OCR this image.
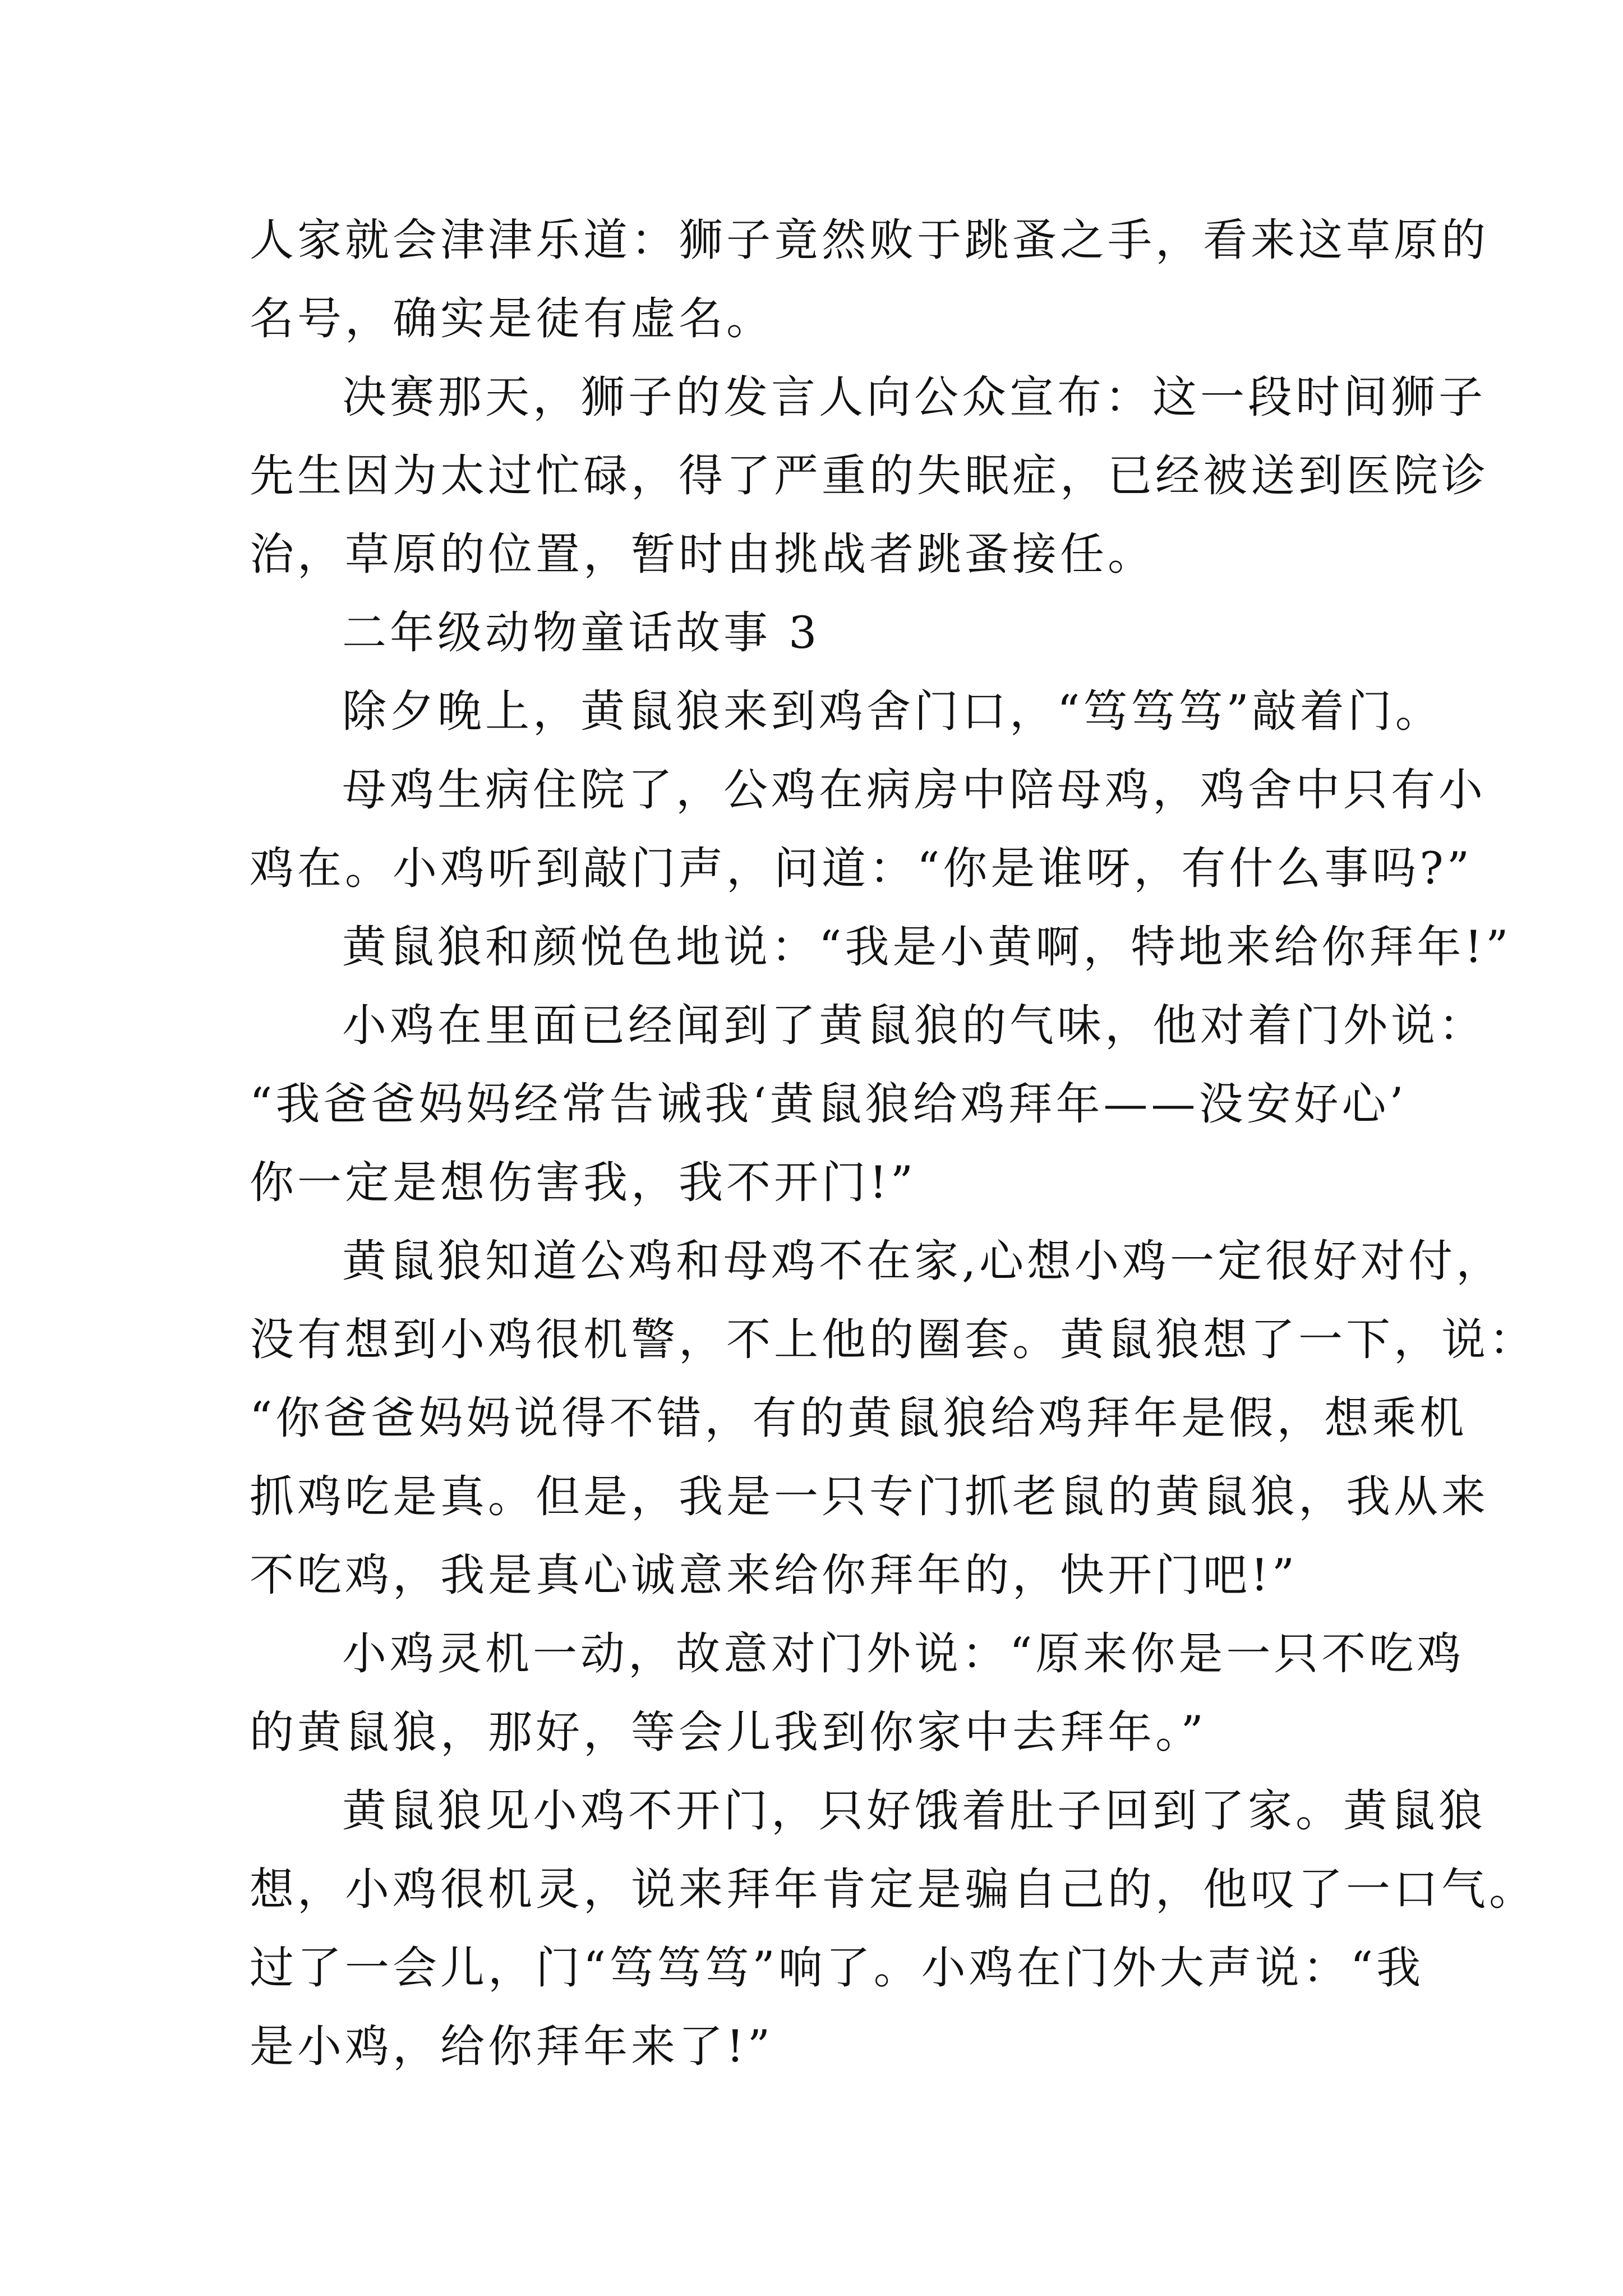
人家就会津津乐道：狮子竟然败于跳蚤之手，看来这草原的
名号，确实是徒有虚名。
决赛那天，狮子的发言人向公众宣布：这一段时间狮子
先生因为太过忙碌，得了严重的失眠症，已经被送到医院诊
治，草原的位置，暂时由挑战者跳蚤接任。
二年级动物童话故事 3
除夕晚上，黄鼠狼来到鸡舍门口，“笃笃笃”敲着门。
母鸡生病住院了，公鸡在病房中陪母鸡，鸡舍中只有小
鸡在。小鸡听到敲门声，问道：“你是谁呀，有什么事吗?”
黄鼠狼和颜悦色地说：“我是小黄啊，特地来给你拜年!”
小鸡在里面已经闻到了黄鼠狼的气味，他对着门外说：
“我爸爸妈妈经常告诫我‘黄鼠狼给鸡拜年——没安好心’
你一定是想伤害我，我不开门!”
黄鼠狼知道公鸡和母鸡不在家,心想小鸡一定很好对付，
没有想到小鸡很机警，不上他的圈套。黄鼠狼想了一下，说：
“你爸爸妈妈说得不错，有的黄鼠狼给鸡拜年是假，想乘机
抓鸡吃是真。但是，我是一只专门抓老鼠的黄鼠狼，我从来
不吃鸡，我是真心诚意来给你拜年的，快开门吧!”
小鸡灵机一动，故意对门外说：“原来你是一只不吃鸡
的黄鼠狼，那好，等会儿我到你家中去拜年。”
黄鼠狼见小鸡不开门，只好饿着肚子回到了家。黄鼠狼
想，小鸡很机灵，说来拜年肯定是骗自己的，他叹了一口气。
过了一会儿，门“笃笃笃”响了。小鸡在门外大声说：“我
是小鸡，给你拜年来了!”
